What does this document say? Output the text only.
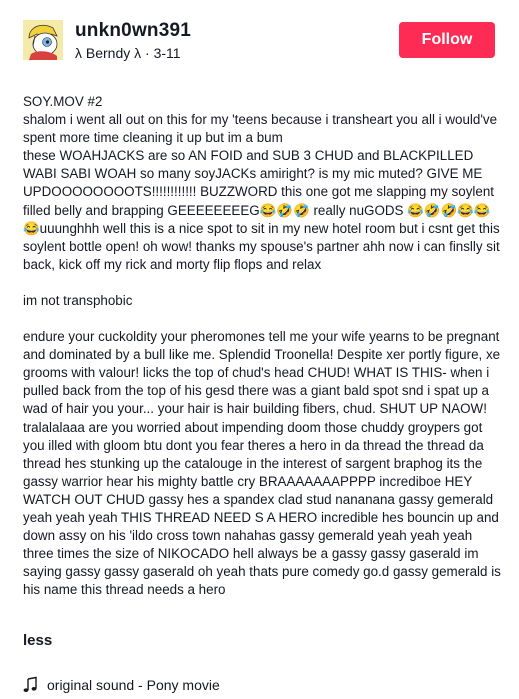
unkn0wn391
λ Berndy λ · 3-11
Follow

SOY.MOV #2
shalom i went all out on this for my 'teens because i transheart you all i would've spent more time cleaning it up but im a bum
these WOAHJACKS are so AN FOID and SUB 3 CHUD and BLACKPILLED WABI SABI WOAH so many soyJACKs amiright? is my mic muted? GIVE ME UPDOOOOOOOOTS!!!!!!!!!!!! BUZZWORD this one got me slapping my soylent filled belly and brapping GEEEEEEEEG😂🤣🤣 really nuGODS 😂🤣🤣😂😂😂uuunghhh well this is a nice spot to sit in my new hotel room but i csnt get this soylent bottle open! oh wow! thanks my spouse's partner ahh now i can finslly sit back, kick off my rick and morty flip flops and relax

im not transphobic

endure your cuckoldity your pheromones tell me your wife yearns to be pregnant and dominated by a bull like me. Splendid Troonella! Despite xer portly figure, xe grooms with valour! licks the top of chud's head CHUD! WHAT IS THIS- when i pulled back from the top of his gesd there was a giant bald spot snd i spat up a wad of hair you your... your hair is hair building fibers, chud. SHUT UP NAOW! tralalalaaa are you worried about impending doom those chuddy groypers got you illed with gloom btu dont you fear theres a hero in da thread the thread da thread hes stunking up the catalouge in the interest of sargent braphog its the gassy warrior hear his mighty battle cry BRAAAAAAAPPPP incrediboe HEY WATCH OUT CHUD gassy hes a spandex clad stud nananana gassy gemerald yeah yeah yeah THIS THREAD NEED S A HERO incredible hes bouncin up and down assy on his 'ildo cross town nahahas gassy gemerald yeah yeah yeah three times the size of NIKOCADO hell always be a gassy gassy gaserald im saying gassy gassy gaserald oh yeah thats pure comedy go.d gassy gemerald is his name this thread needs a hero

less
original sound - Pony movie
